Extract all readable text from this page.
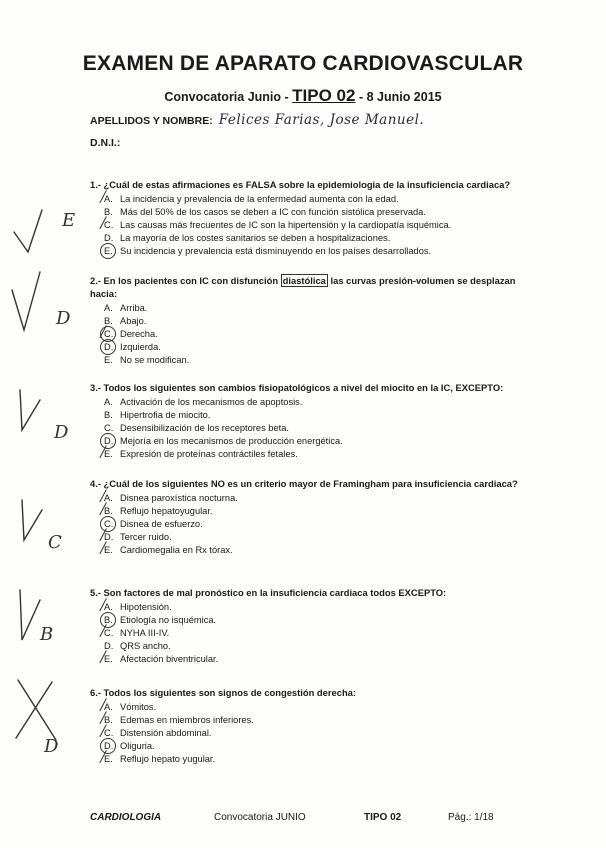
EXAMEN DE APARATO CARDIOVASCULAR
Convocatoria Junio - TIPO 02 - 8 Junio 2015
APELLIDOS Y NOMBRE: Felices Farias, Jose Manuel.
D.N.I.:
1.- ¿Cuál de estas afirmaciones es FALSA sobre la epidemiologia de la insuficiencia cardiaca?
A. La incidencia y prevalencia de la enfermedad aumenta con la edad.
B. Más del 50% de los casos se deben a IC con función sistólica preservada.
C. Las causas más frecuentes de IC son la hipertensión y la cardiopatía isquémica.
D. La mayoría de los costes sanitarios se deben a hospitalizaciones.
E. Su incidencia y prevalencia está disminuyendo en los países desarrollados.
2.- En los pacientes con IC con disfunción diastólica las curvas presión-volumen se desplazan hacia:
A. Arriba.
B. Abajo.
C. Derecha.
D. Izquierda.
E. No se modifican.
3.- Todos los siguientes son cambios fisiopatológicos a nivel del miocito en la IC, EXCEPTO:
A. Activación de los mecanismos de apoptosis.
B. Hipertrofia de miocito.
C. Desensibilización de los receptores beta.
D. Mejoría en los mecanismos de producción energética.
E. Expresión de proteínas contráctiles fetales.
4.- ¿Cuál de los siguientes NO es un criterio mayor de Framingham para insuficiencia cardiaca?
A. Disnea paroxística nocturna.
B. Reflujo hepatoyugular.
C. Disnea de esfuerzo.
D. Tercer ruido.
E. Cardiomegalia en Rx tórax.
5.- Son factores de mal pronóstico en la insuficiencia cardiaca todos EXCEPTO:
A. Hipotensión.
B. Etiología no isquémica.
C. NYHA III-IV.
D. QRS ancho.
E. Afectación biventricular.
6.- Todos los siguientes son signos de congestión derecha:
A. Vómitos.
B. Edemas en miembros inferiores.
C. Distensión abdominal.
D. Oliguria.
E. Reflujo hepato yugular.
E
D
D
C
B
D
CARDIOLOGIA	Convocatoria JUNIO	TIPO 02	Pág.: 1/18
